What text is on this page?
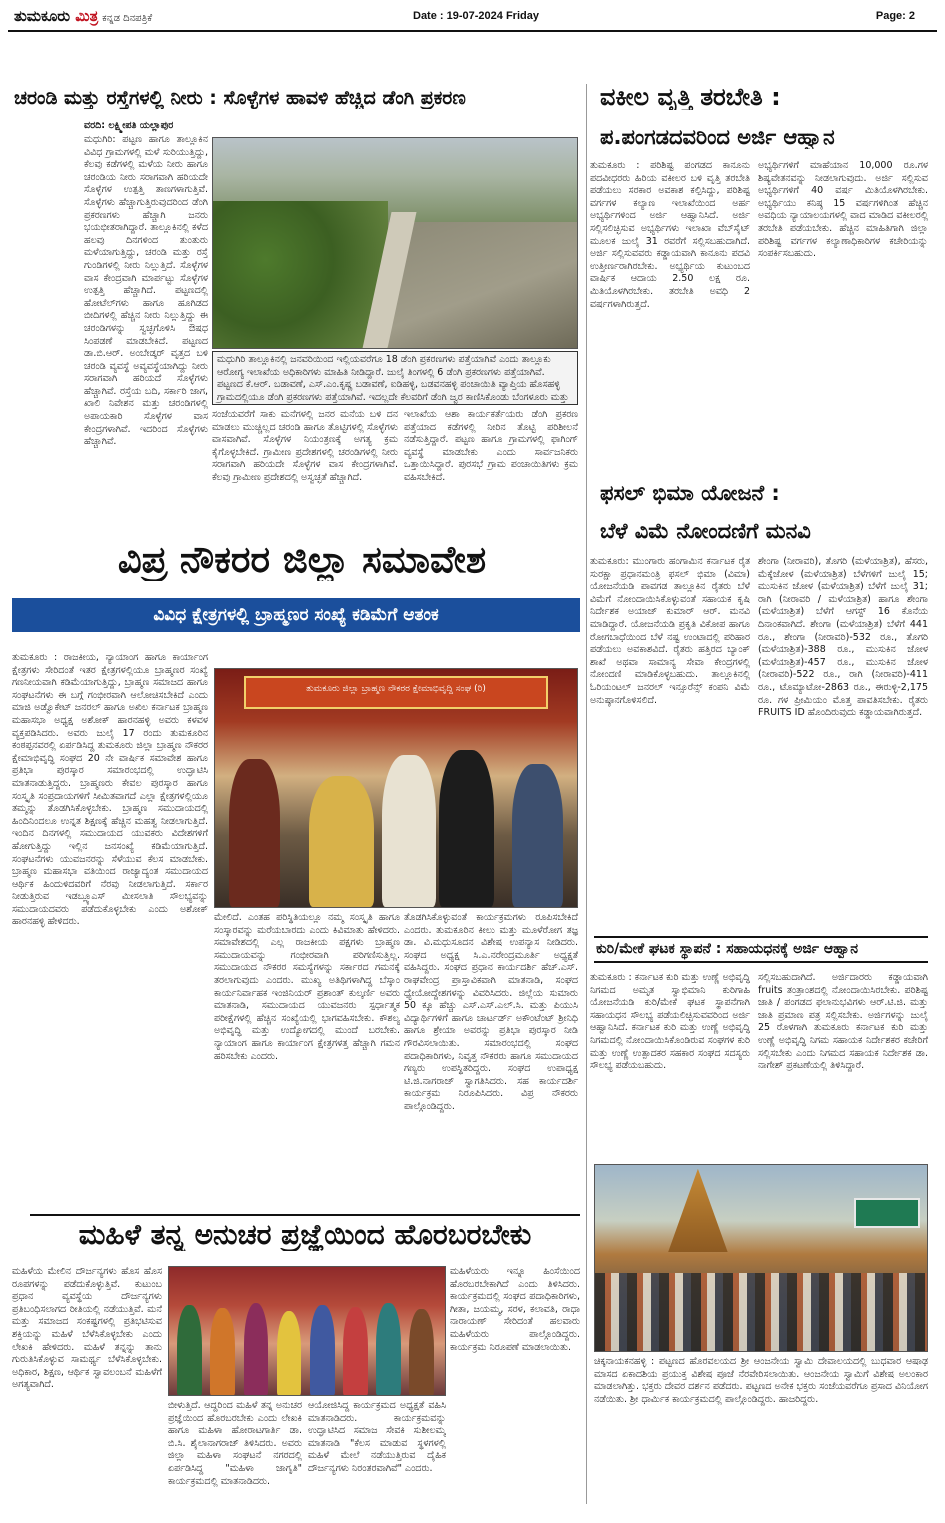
ತುಮಕೂರು ಮಿತ್ರ ಕನ್ನಡ ದಿನಪತ್ರಿಕೆ	Date : 19-07-2024 Friday	Page: 2
ಚರಂಡಿ ಮತ್ತು ರಸ್ತೆಗಳಲ್ಲಿ ನೀರು : ಸೊಳ್ಳೆಗಳ ಹಾವಳಿ ಹೆಚ್ಚಿದ ಡೆಂಗಿ ಪ್ರಕರಣ
ವರದಿ: ಲಕ್ಷ್ಮೀಪತಿ ಯಲ್ಲಾಪುರ
ಮಧುಗಿರಿ: ಪಟ್ಟಣ ಹಾಗೂ ತಾಲ್ಲೂಕಿನ ವಿವಿಧ ಗ್ರಾಮಗಳಲ್ಲಿ ಮಳೆ ಸುರಿಯುತ್ತಿದ್ದು, ಕೆಲವು ಕಡೆಗಳಲ್ಲಿ ಮಳೆಯ ನೀರು ಹಾಗೂ ಚರಂಡಿಯ ನೀರು ಸರಾಗವಾಗಿ ಹರಿಯದೇ ಸೊಳ್ಳೆಗಳ ಉತ್ಪತ್ತಿ ತಾಣಗಳಾಗುತ್ತಿವೆ. ಸೊಳ್ಳೆಗಳು ಹೆಚ್ಚಾಗುತ್ತಿರುವುದರಿಂದ ಡೆಂಗಿ ಪ್ರಕರಣಗಳು ಹೆಚ್ಚಾಗಿ ಜನರು ಭಯಭೀತರಾಗಿದ್ದಾರೆ. ತಾಲ್ಲೂಕಿನಲ್ಲಿ ಕಳೆದ ಹಲವು ದಿನಗಳಿಂದ ತುಂತುರು ಮಳೆಯಾಗುತ್ತಿದ್ದು, ಚರಂಡಿ ಮತ್ತು ರಸ್ತೆ ಗುಂಡಿಗಳಲ್ಲಿ ನೀರು ನಿಲ್ಲುತ್ತಿದೆ. ಸೊಳ್ಳೆಗಳ ವಾಸ ಕೇಂದ್ರವಾಗಿ ಮಾರ್ಪಟ್ಟು ಸೊಳ್ಳೆಗಳ ಉತ್ಪತ್ತಿ ಹೆಚ್ಚಾಗಿದೆ. ಪಟ್ಟಣದಲ್ಲಿ ಹೋಟೆಲ್‌ಗಳು ಹಾಗೂ ಹೂಗಿಡದ ಬೀದಿಗಳಲ್ಲಿ ಹೆಚ್ಚಿನ ನೀರು ನಿಲ್ಲುತ್ತಿದ್ದು ಈ ಚರಂಡಿಗಳನ್ನು ಸ್ವಚ್ಛಗೊಳಿಸಿ ಔಷಧ ಸಿಂಪಡಣೆ ಮಾಡಬೇಕಿದೆ. ಪಟ್ಟಣದ ಡಾ.ಬಿ.ಆರ್. ಅಂಬೇಡ್ಕರ್ ವೃತ್ತದ ಬಳಿ ಚರಂಡಿ ವ್ಯವಸ್ಥೆ ಅವ್ಯವಸ್ಥೆಯಾಗಿದ್ದು ನೀರು ಸರಾಗವಾಗಿ ಹರಿಯದೆ ಸೊಳ್ಳೆಗಳು ಹೆಚ್ಚಾಗಿವೆ. ರಸ್ತೆಯ ಬದಿ, ಸರ್ಕಾರಿ ಜಾಗ, ಖಾಲಿ ನಿವೇಶನ ಮತ್ತು ಚರಂಡಿಗಳಲ್ಲಿ ಅಪಾಯಕಾರಿ ಸೊಳ್ಳೆಗಳ ವಾಸ ಕೇಂದ್ರಗಳಾಗಿವೆ. ಇದರಿಂದ ಸೊಳ್ಳೆಗಳು ಹೆಚ್ಚಾಗಿವೆ.
ಮಧುಗಿರಿ ತಾಲ್ಲೂಕಿನಲ್ಲಿ ಜನವರಿಯಿಂದ ಇಲ್ಲಿಯವರೆಗೂ 18 ಡೆಂಗಿ ಪ್ರಕರಣಗಳು ಪತ್ತೆಯಾಗಿವೆ ಎಂದು ತಾಲ್ಲೂಕು ಆರೋಗ್ಯ ಇಲಾಖೆಯ ಅಧಿಕಾರಿಗಳು ಮಾಹಿತಿ ನೀಡಿದ್ದಾರೆ. ಜುಲೈ ತಿಂಗಳಲ್ಲಿ 6 ಡೆಂಗಿ ಪ್ರಕರಣಗಳು ಪತ್ತೆಯಾಗಿವೆ. ಪಟ್ಟಣದ ಕೆ.ಆರ್. ಬಡಾವಣೆ, ಎಸ್.ಎಂ.ಕೃಷ್ಣ ಬಡಾವಣೆ, ಐಡಿಹಳ್ಳಿ, ಬಡವನಹಳ್ಳಿ ಪಂಚಾಯಿತಿ ವ್ಯಾಪ್ತಿಯ ಹೊಸಹಳ್ಳಿ ಗ್ರಾಮದಲ್ಲಿಯೂ ಡೆಂಗಿ ಪ್ರಕರಣಗಳು ಪತ್ತೆಯಾಗಿವೆ. ಇದಲ್ಲದೇ ಕೆಲವರಿಗೆ ಡೆಂಗಿ ಜ್ವರ ಕಾಣಿಸಿಕೊಂಡು ಬೆಂಗಳೂರು ಮತ್ತು
ಸಂಜೆಯವರೆಗೆ ಸಾಕು ಮನೆಗಳಲ್ಲಿ ಜನರ ಮನೆಯ ಬಳಿ ದನ ಮಾಡಲು ಮುಚ್ಚಿಲ್ಲದ ಚರಂಡಿ ಹಾಗೂ ತೊಟ್ಟಿಗಳಲ್ಲಿ ಸೊಳ್ಳೆಗಳು ವಾಸವಾಗಿವೆ. ಸೊಳ್ಳೆಗಳ ನಿಯಂತ್ರಣಕ್ಕೆ ಅಗತ್ಯ ಕ್ರಮ ಕೈಗೊಳ್ಳಬೇಕಿದೆ. ಗ್ರಾಮೀಣ ಪ್ರದೇಶಗಳಲ್ಲಿ ಚರಂಡಿಗಳಲ್ಲಿ ನೀರು ಸರಾಗವಾಗಿ ಹರಿಯದೇ ಸೊಳ್ಳೆಗಳ ವಾಸ ಕೇಂದ್ರಗಳಾಗಿವೆ. ಕೆಲವು ಗ್ರಾಮೀಣ ಪ್ರದೇಶದಲ್ಲಿ ಅಸ್ವಚ್ಛತೆ ಹೆಚ್ಚಾಗಿದೆ.
ಇಲಾಖೆಯ ಆಶಾ ಕಾರ್ಯಕರ್ತೆಯರು ಡೆಂಗಿ ಪ್ರಕರಣ ಪತ್ತೆಯಾದ ಕಡೆಗಳಲ್ಲಿ ನೀರಿನ ತೊಟ್ಟಿ ಪರಿಶೀಲನೆ ನಡೆಸುತ್ತಿದ್ದಾರೆ. ಪಟ್ಟಣ ಹಾಗೂ ಗ್ರಾಮಗಳಲ್ಲಿ ಫಾಗಿಂಗ್ ವ್ಯವಸ್ಥೆ ಮಾಡಬೇಕು ಎಂದು ಸಾರ್ವಜನಿಕರು ಒತ್ತಾಯಿಸಿದ್ದಾರೆ. ಪುರಸಭೆ ಗ್ರಾಮ ಪಂಚಾಯಿತಿಗಳು ಕ್ರಮ ವಹಿಸಬೇಕಿದೆ.
ವಕೀಲ ವೃತ್ತಿ ತರಬೇತಿ :
ಪ.ಪಂಗಡದವರಿಂದ ಅರ್ಜಿ ಆಹ್ವಾನ
ತುಮಕೂರು : ಪರಿಶಿಷ್ಟ ಪಂಗಡದ ಕಾನೂನು ಪದವೀಧರರು ಹಿರಿಯ ವಕೀಲರ ಬಳಿ ವೃತ್ತಿ ತರಬೇತಿ ಪಡೆಯಲು ಸರಕಾರ ಅವಕಾಶ ಕಲ್ಪಿಸಿದ್ದು, ಪರಿಶಿಷ್ಟ ವರ್ಗಗಳ ಕಲ್ಯಾಣ ಇಲಾಖೆಯಿಂದ ಅರ್ಹ ಅಭ್ಯರ್ಥಿಗಳಿಂದ ಅರ್ಜಿ ಆಹ್ವಾನಿಸಿದೆ. ಅರ್ಜಿ ಸಲ್ಲಿಸಲಿಚ್ಛಿಸುವ ಅಭ್ಯರ್ಥಿಗಳು ಇಲಾಖಾ ವೆಬ್‌ಸೈಟ್ ಮೂಲಕ ಜುಲೈ 31 ರವರೆಗೆ ಸಲ್ಲಿಸಬಹುದಾಗಿದೆ. ಅರ್ಜಿ ಸಲ್ಲಿಸುವವರು ಕಡ್ಡಾಯವಾಗಿ ಕಾನೂನು ಪದವಿ ಉತ್ತೀರ್ಣರಾಗಿರಬೇಕು. ಅಭ್ಯರ್ಥಿಯ ಕುಟುಂಬದ ವಾರ್ಷಿಕ ಆದಾಯ 2.50 ಲಕ್ಷ ರೂ. ಮಿತಿಯೊಳಗಿರಬೇಕು. ತರಬೇತಿ ಅವಧಿ 2 ವರ್ಷಗಳಾಗಿರುತ್ತದೆ.
ಅಭ್ಯರ್ಥಿಗಳಿಗೆ ಮಾಹೆಯಾನ 10,000 ರೂ.ಗಳ ಶಿಷ್ಯವೇತನವನ್ನು ನೀಡಲಾಗುವುದು. ಅರ್ಜಿ ಸಲ್ಲಿಸುವ ಅಭ್ಯರ್ಥಿಗಳಿಗೆ 40 ವರ್ಷ ಮಿತಿಯೊಳಗಿರಬೇಕು. ಅಭ್ಯರ್ಥಿಯು ಕನಿಷ್ಠ 15 ವರ್ಷಗಳಿಗಿಂತ ಹೆಚ್ಚಿನ ಅವಧಿಯ ನ್ಯಾಯಾಲಯಗಳಲ್ಲಿ ವಾದ ಮಾಡಿದ ವಕೀಲರಲ್ಲಿ ತರಬೇತಿ ಪಡೆಯಬೇಕು. ಹೆಚ್ಚಿನ ಮಾಹಿತಿಗಾಗಿ ಜಿಲ್ಲಾ ಪರಿಶಿಷ್ಟ ವರ್ಗಗಳ ಕಲ್ಯಾಣಾಧಿಕಾರಿಗಳ ಕಚೇರಿಯನ್ನು ಸಂಪರ್ಕಿಸಬಹುದು.
ಫಸಲ್ ಭಿಮಾ ಯೋಜನೆ :
ಬೆಳೆ ವಿಮೆ ನೋಂದಣಿಗೆ ಮನವಿ
ತುಮಕೂರು: ಮುಂಗಾರು ಹಂಗಾಮಿನ ಕರ್ನಾಟಕ ರೈತ ಸುರಕ್ಷಾ ಪ್ರಧಾನಮಂತ್ರಿ ಫಸಲ್ ಭಿಮಾ (ವಿಮಾ) ಯೋಜನೆಯಡಿ ಪಾವಗಡ ತಾಲ್ಲೂಕಿನ ರೈತರು ಬೆಳೆ ವಿಮೆಗೆ ನೋಂದಾಯಿಸಿಕೊಳ್ಳುವಂತೆ ಸಹಾಯಕ ಕೃಷಿ ನಿರ್ದೇಶಕ ಅಯಾಜ್ ಕುಮಾರ್ ಆರ್. ಮನವಿ ಮಾಡಿದ್ದಾರೆ. ಯೋಜನೆಯಡಿ ಪ್ರಕೃತಿ ವಿಕೋಪ ಹಾಗೂ ರೋಗಬಾಧೆಯಿಂದ ಬೆಳೆ ನಷ್ಟ ಉಂಟಾದಲ್ಲಿ ಪರಿಹಾರ ಪಡೆಯಲು ಅವಕಾಶವಿದೆ. ರೈತರು ಹತ್ತಿರದ ಬ್ಯಾಂಕ್ ಶಾಖೆ ಅಥವಾ ಸಾಮಾನ್ಯ ಸೇವಾ ಕೇಂದ್ರಗಳಲ್ಲಿ ನೋಂದಣಿ ಮಾಡಿಕೊಳ್ಳಬಹುದು. ತಾಲ್ಲೂಕಿನಲ್ಲಿ ಓರಿಯಂಟಲ್ ಜನರಲ್ ಇನ್ಸೂರೆನ್ಸ್ ಕಂಪನಿ ವಿಮೆ ಅನುಷ್ಠಾನಗೊಳಿಸಲಿದೆ.
ಶೇಂಗಾ (ನೀರಾವರಿ), ತೊಗರಿ (ಮಳೆಯಾಶ್ರಿತ), ಹೆಸರು, ಮೆಕ್ಕೆಜೋಳ (ಮಳೆಯಾಶ್ರಿತ) ಬೆಳೆಗಳಿಗೆ ಜುಲೈ 15; ಮುಸುಕಿನ ಜೋಳ (ಮಳೆಯಾಶ್ರಿತ) ಬೆಳೆಗೆ ಜುಲೈ 31; ರಾಗಿ (ನೀರಾವರಿ / ಮಳೆಯಾಶ್ರಿತ) ಹಾಗೂ ಶೇಂಗಾ (ಮಳೆಯಾಶ್ರಿತ) ಬೆಳೆಗೆ ಆಗಸ್ಟ್ 16 ಕೊನೆಯ ದಿನಾಂಕವಾಗಿದೆ. ಶೇಂಗಾ (ಮಳೆಯಾಶ್ರಿತ) ಬೆಳೆಗೆ 441 ರೂ., ಶೇಂಗಾ (ನೀರಾವರಿ)-532 ರೂ., ತೊಗರಿ (ಮಳೆಯಾಶ್ರಿತ)-388 ರೂ., ಮುಸುಕಿನ ಜೋಳ (ಮಳೆಯಾಶ್ರಿತ)-457 ರೂ., ಮುಸುಕಿನ ಜೋಳ (ನೀರಾವರಿ)-522 ರೂ., ರಾಗಿ (ನೀರಾವರಿ)-411 ರೂ., ಟೊಮ್ಯಾಟೋ-2863 ರೂ., ಈರುಳ್ಳಿ-2,175 ರೂ. ಗಳ ಪ್ರೀಮಿಯಂ ಮೊತ್ತ ಪಾವತಿಸಬೇಕು. ರೈತರು FRUITS ID ಹೊಂದಿರುವುದು ಕಡ್ಡಾಯವಾಗಿರುತ್ತದೆ.
ಕುರಿ/ಮೇಕೆ ಘಟಕ ಸ್ಥಾಪನೆ : ಸಹಾಯಧನಕ್ಕೆ ಅರ್ಜಿ ಆಹ್ವಾನ
ತುಮಕೂರು : ಕರ್ನಾಟಕ ಕುರಿ ಮತ್ತು ಉಣ್ಣೆ ಅಭಿವೃದ್ಧಿ ನಿಗಮದ ಅಮೃತ ಸ್ವಾಭಿಮಾನಿ ಕುರಿಗಾಹಿ ಯೋಜನೆಯಡಿ ಕುರಿ/ಮೇಕೆ ಘಟಕ ಸ್ಥಾಪನೆಗಾಗಿ ಸಹಾಯಧನ ಸೌಲಭ್ಯ ಪಡೆಯಲಿಚ್ಛಿಸುವವರಿಂದ ಅರ್ಜಿ ಆಹ್ವಾನಿಸಿದೆ. ಕರ್ನಾಟಕ ಕುರಿ ಮತ್ತು ಉಣ್ಣೆ ಅಭಿವೃದ್ಧಿ ನಿಗಮದಲ್ಲಿ ನೋಂದಾಯಿಸಿಕೊಂಡಿರುವ ಸಂಘಗಳ ಕುರಿ ಮತ್ತು ಉಣ್ಣೆ ಉತ್ಪಾದಕರ ಸಹಕಾರ ಸಂಘದ ಸದಸ್ಯರು ಸೌಲಭ್ಯ ಪಡೆಯಬಹುದು.
ಸಲ್ಲಿಸಬಹುದಾಗಿದೆ. ಅರ್ಜಿದಾರರು ಕಡ್ಡಾಯವಾಗಿ fruits ತಂತ್ರಾಂಶದಲ್ಲಿ ನೋಂದಾಯಿಸಿರಬೇಕು. ಪರಿಶಿಷ್ಟ ಜಾತಿ / ಪಂಗಡದ ಫಲಾನುಭವಿಗಳು ಆರ್.ಟಿ.ಜಿ. ಮತ್ತು ಜಾತಿ ಪ್ರಮಾಣ ಪತ್ರ ಸಲ್ಲಿಸಬೇಕು. ಅರ್ಜಿಗಳನ್ನು ಜುಲೈ 25 ರೊಳಗಾಗಿ ತುಮಕೂರು ಕರ್ನಾಟಕ ಕುರಿ ಮತ್ತು ಉಣ್ಣೆ ಅಭಿವೃದ್ಧಿ ನಿಗಮ ಸಹಾಯಕ ನಿರ್ದೇಶಕರ ಕಚೇರಿಗೆ ಸಲ್ಲಿಸಬೇಕು ಎಂದು ನಿಗಮದ ಸಹಾಯಕ ನಿರ್ದೇಶಕ ಡಾ. ನಾಗೇಶ್ ಪ್ರಕಟಣೆಯಲ್ಲಿ ತಿಳಿಸಿದ್ದಾರೆ.
ಚಿಕ್ಕನಾಯಕನಹಳ್ಳಿ : ಪಟ್ಟಣದ ಹೊರವಲಯದ ಶ್ರೀ ಆಂಜನೇಯ ಸ್ವಾಮಿ ದೇವಾಲಯದಲ್ಲಿ ಬುಧವಾರ ಆಷಾಢ ಮಾಸದ ಏಕಾದಶಿಯ ಪ್ರಯುಕ್ತ ವಿಶೇಷ ಪೂಜೆ ನೆರವೇರಿಸಲಾಯಿತು. ಆಂಜನೇಯ ಸ್ವಾಮಿಗೆ ವಿಶೇಷ ಅಲಂಕಾರ ಮಾಡಲಾಗಿತ್ತು. ಭಕ್ತರು ದೇವರ ದರ್ಶನ ಪಡೆದರು. ಪಟ್ಟಣದ ಅನೇಕ ಭಕ್ತರು ಸಂಜೆಯವರೆಗೂ ಪ್ರಸಾದ ವಿನಿಯೋಗ ನಡೆಯಿತು. ಶ್ರೀ ಧಾರ್ಮಿಕ ಕಾರ್ಯಕ್ರಮದಲ್ಲಿ ಪಾಲ್ಗೊಂಡಿದ್ದರು. ಹಾಜರಿದ್ದರು.
ವಿಪ್ರ ನೌಕರರ ಜಿಲ್ಲಾ ಸಮಾವೇಶ
ವಿವಿಧ ಕ್ಷೇತ್ರಗಳಲ್ಲಿ ಬ್ರಾಹ್ಮಣರ ಸಂಖ್ಯೆ ಕಡಿಮೆಗೆ ಆತಂಕ
ತುಮಕೂರು : ರಾಜಕೀಯ, ನ್ಯಾಯಾಂಗ ಹಾಗೂ ಕಾರ್ಯಾಂಗ ಕ್ಷೇತ್ರಗಳು ಸೇರಿದಂತೆ ಇತರ ಕ್ಷೇತ್ರಗಳಲ್ಲಿಯೂ ಬ್ರಾಹ್ಮಣರ ಸಂಖ್ಯೆ ಗಣನೀಯವಾಗಿ ಕಡಿಮೆಯಾಗುತ್ತಿದ್ದು, ಬ್ರಾಹ್ಮಣ ಸಮಾಜದ ಹಾಗೂ ಸಂಘಟನೆಗಳು ಈ ಬಗ್ಗೆ ಗಂಭೀರವಾಗಿ ಆಲೋಚಿಸಬೇಕಿದೆ ಎಂದು ಮಾಜಿ ಅಡ್ವೊಕೇಟ್ ಜನರಲ್ ಹಾಗೂ ಅಖಿಲ ಕರ್ನಾಟಕ ಬ್ರಾಹ್ಮಣ ಮಹಾಸಭಾ ಅಧ್ಯಕ್ಷ ಅಶೋಕ್ ಹಾರನಹಳ್ಳಿ ಅವರು ಕಳವಳ ವ್ಯಕ್ತಪಡಿಸಿದರು. ಅವರು ಜುಲೈ 17 ರಂದು ತುಮಕೂರಿನ ಕಂಠಪ್ಪನವರಲ್ಲಿ ಏರ್ಪಡಿಸಿದ್ದ ತುಮಕೂರು ಜಿಲ್ಲಾ ಬ್ರಾಹ್ಮಣ ನೌಕರರ ಕ್ಷೇಮಾಭಿವೃದ್ಧಿ ಸಂಘದ 20 ನೇ ವಾರ್ಷಿಕ ಸಮಾವೇಶ ಹಾಗೂ ಪ್ರತಿಭಾ ಪುರಸ್ಕಾರ ಸಮಾರಂಭದಲ್ಲಿ ಉದ್ಘಾಟಿಸಿ ಮಾತನಾಡುತ್ತಿದ್ದರು. ಬ್ರಾಹ್ಮಣರು ಕೇವಲ ಪುರಸ್ಕಾರ ಹಾಗೂ ಸಂಸ್ಕೃತಿ ಸಂಪ್ರದಾಯಗಳಿಗೆ ಸೀಮಿತವಾಗದೆ ಎಲ್ಲಾ ಕ್ಷೇತ್ರಗಳಲ್ಲಿಯೂ ತಮ್ಮನ್ನು ತೊಡಗಿಸಿಕೊಳ್ಳಬೇಕು. ಬ್ರಾಹ್ಮಣ ಸಮುದಾಯದಲ್ಲಿ ಹಿಂದಿನಿಂದಲೂ ಉನ್ನತ ಶಿಕ್ಷಣಕ್ಕೆ ಹೆಚ್ಚಿನ ಮಹತ್ವ ನೀಡಲಾಗುತ್ತಿದೆ. ಇಂದಿನ ದಿನಗಳಲ್ಲಿ ಸಮುದಾಯದ ಯುವಕರು ವಿದೇಶಗಳಿಗೆ ಹೋಗುತ್ತಿದ್ದು ಇಲ್ಲಿನ ಜನಸಂಖ್ಯೆ ಕಡಿಮೆಯಾಗುತ್ತಿದೆ. ಸಂಘಟನೆಗಳು ಯುವಜನರನ್ನು ಸೆಳೆಯುವ ಕೆಲಸ ಮಾಡಬೇಕು. ಬ್ರಾಹ್ಮಣ ಮಹಾಸಭಾ ವತಿಯಿಂದ ರಾಜ್ಯಾದ್ಯಂತ ಸಮುದಾಯದ ಆರ್ಥಿಕ ಹಿಂದುಳಿದವರಿಗೆ ನೆರವು ನೀಡಲಾಗುತ್ತಿದೆ. ಸರ್ಕಾರ ನೀಡುತ್ತಿರುವ ಇಡಬ್ಲ್ಯೂಎಸ್ ಮೀಸಲಾತಿ ಸೌಲಭ್ಯವನ್ನು ಸಮುದಾಯದವರು ಪಡೆದುಕೊಳ್ಳಬೇಕು ಎಂದು ಅಶೋಕ್ ಹಾರನಹಳ್ಳಿ ಹೇಳಿದರು.
ತುಮಕೂರು ಜಿಲ್ಲಾ ಬ್ರಾಹ್ಮಣ ನೌಕರರ ಕ್ಷೇಮಾಭಿವೃದ್ಧಿ ಸಂಘ (ರಿ)
ಮೇಲಿದೆ. ಎಂತಹ ಪರಿಸ್ಥಿತಿಯಲ್ಲೂ ನಮ್ಮ ಸಂಸ್ಕೃತಿ ಹಾಗೂ ಸಂಸ್ಕಾರವನ್ನು ಮರೆಯಬಾರದು ಎಂದು ಕಿವಿಮಾತು ಹೇಳಿದರು. ಸಮಾವೇಶದಲ್ಲಿ ಎಲ್ಲ ರಾಜಕೀಯ ಪಕ್ಷಗಳು ಬ್ರಾಹ್ಮಣ ಸಮುದಾಯವನ್ನು ಗಂಭೀರವಾಗಿ ಪರಿಗಣಿಸುತ್ತಿಲ್ಲ. ಸಮುದಾಯದ ನೌಕರರ ಸಮಸ್ಯೆಗಳನ್ನು ಸರ್ಕಾರದ ಗಮನಕ್ಕೆ ತರಲಾಗುವುದು ಎಂದರು. ಮುಖ್ಯ ಅತಿಥಿಗಳಾಗಿದ್ದ ಬೆಸ್ಕಾಂ ಕಾರ್ಯನಿರ್ವಾಹಕ ಇಂಜಿನಿಯರ್ ಪ್ರಶಾಂತ್ ಕುಲ್ಕರ್ಣಿ ಅವರು ಮಾತನಾಡಿ, ಸಮುದಾಯದ ಯುವಜನರು ಸ್ಪರ್ಧಾತ್ಮಕ ಪರೀಕ್ಷೆಗಳಲ್ಲಿ ಹೆಚ್ಚಿನ ಸಂಖ್ಯೆಯಲ್ಲಿ ಭಾಗವಹಿಸಬೇಕು. ಕೌಶಲ್ಯ ಅಭಿವೃದ್ಧಿ ಮತ್ತು ಉದ್ಯೋಗದಲ್ಲಿ ಮುಂದೆ ಬರಬೇಕು. ನ್ಯಾಯಾಂಗ ಹಾಗೂ ಕಾರ್ಯಾಂಗ ಕ್ಷೇತ್ರಗಳತ್ತ ಹೆಚ್ಚಾಗಿ ಗಮನ ಹರಿಸಬೇಕು ಎಂದರು.
ತೊಡಗಿಸಿಕೊಳ್ಳುವಂತೆ ಕಾರ್ಯಕ್ರಮಗಳು ರೂಪಿಸಬೇಕಿದೆ ಎಂದರು. ತುಮಕೂರಿನ ಕೀಲು ಮತ್ತು ಮೂಳೆರೋಗ ತಜ್ಞ ಡಾ. ವಿ.ಮಧುಸೂದನ ವಿಶೇಷ ಉಪನ್ಯಾಸ ನೀಡಿದರು. ಸಂಘದ ಅಧ್ಯಕ್ಷ ಸಿ.ಎ.ನರೇಂದ್ರಮೂರ್ತಿ ಅಧ್ಯಕ್ಷತೆ ವಹಿಸಿದ್ದರು. ಸಂಘದ ಪ್ರಧಾನ ಕಾರ್ಯದರ್ಶಿ ಹೆಚ್.ಎಸ್. ರಾಘವೇಂದ್ರ ಪ್ರಾಸ್ತಾವಿಕವಾಗಿ ಮಾತನಾಡಿ, ಸಂಘದ ಧ್ಯೇಯೋದ್ದೇಶಗಳನ್ನು ವಿವರಿಸಿದರು. ಜಿಲ್ಲೆಯ ಸುಮಾರು 50 ಕ್ಕೂ ಹೆಚ್ಚು ಎಸ್.ಎಸ್.ಎಲ್.ಸಿ. ಮತ್ತು ಪಿಯುಸಿ ವಿದ್ಯಾರ್ಥಿಗಳಿಗೆ ಹಾಗೂ ಚಾರ್ಟರ್ಡ್ ಅಕೌಂಟೆಂಟ್ ಶ್ರೀನಿಧಿ ಹಾಗೂ ಶ್ರೇಯಾ ಅವರನ್ನು ಪ್ರತಿಭಾ ಪುರಸ್ಕಾರ ನೀಡಿ ಗೌರವಿಸಲಾಯಿತು. ಸಮಾರಂಭದಲ್ಲಿ ಸಂಘದ ಪದಾಧಿಕಾರಿಗಳು, ನಿವೃತ್ತ ನೌಕರರು ಹಾಗೂ ಸಮುದಾಯದ ಗಣ್ಯರು ಉಪಸ್ಥಿತರಿದ್ದರು. ಸಂಘದ ಉಪಾಧ್ಯಕ್ಷ ಟಿ.ಜಿ.ನಾಗರಾಜ್ ಸ್ವಾಗತಿಸಿದರು. ಸಹ ಕಾರ್ಯದರ್ಶಿ ಕಾರ್ಯಕ್ರಮ ನಿರೂಪಿಸಿದರು. ವಿಪ್ರ ನೌಕರರು ಪಾಲ್ಗೊಂಡಿದ್ದರು.
ಮಹಿಳೆ ತನ್ನ ಅನುಚರ ಪ್ರಜ್ಞೆಯಿಂದ ಹೊರಬರಬೇಕು
ಮಹಿಳೆಯ ಮೇಲಿನ ದೌರ್ಜನ್ಯಗಳು ಹೊಸ ಹೊಸ ರೂಪಗಳನ್ನು ಪಡೆದುಕೊಳ್ಳುತ್ತಿವೆ. ಕುಟುಂಬ ಪ್ರಧಾನ ವ್ಯವಸ್ಥೆಯ ದೌರ್ಜನ್ಯಗಳು ಪ್ರತಿಬಂಧಿಸಲಾಗದ ರೀತಿಯಲ್ಲಿ ನಡೆಯುತ್ತಿವೆ. ಮನೆ ಮತ್ತು ಸಮಾಜದ ಸಂಕಷ್ಟಗಳಲ್ಲಿ ಪ್ರತಿಭಟಿಸುವ ಶಕ್ತಿಯನ್ನು ಮಹಿಳೆ ಬೆಳೆಸಿಕೊಳ್ಳಬೇಕು ಎಂದು ಲೇಖಕಿ ಹೇಳಿದರು. ಮಹಿಳೆ ತನ್ನನ್ನು ತಾನು ಗುರುತಿಸಿಕೊಳ್ಳುವ ಸಾಮರ್ಥ್ಯ ಬೆಳೆಸಿಕೊಳ್ಳಬೇಕು. ಅಧಿಕಾರ, ಶಿಕ್ಷಣ, ಆರ್ಥಿಕ ಸ್ವಾವಲಂಬನೆ ಮಹಿಳೆಗೆ ಅಗತ್ಯವಾಗಿದೆ.
ಬೀಳುತ್ತಿದೆ. ಆದ್ದರಿಂದ ಮಹಿಳೆ ತನ್ನ ಅನುಚರ ಪ್ರಜ್ಞೆಯಿಂದ ಹೊರಬರಬೇಕು ಎಂದು ಲೇಖಕಿ ಹಾಗೂ ಮಹಿಳಾ ಹೋರಾಟಗಾರ್ತಿ ಡಾ. ಬಿ.ಸಿ. ಶೈಲಾನಾಗರಾಜ್ ತಿಳಿಸಿದರು. ಅವರು ಜಿಲ್ಲಾ ಮಹಿಳಾ ಸಂಘಟನೆ ನಗರದಲ್ಲಿ ಏರ್ಪಡಿಸಿದ್ದ "ಮಹಿಳಾ ಜಾಗೃತಿ" ಕಾರ್ಯಕ್ರಮದಲ್ಲಿ ಮಾತನಾಡಿದರು.
ಆಯೋಜಿಸಿದ್ದ ಕಾರ್ಯಕ್ರಮದ ಅಧ್ಯಕ್ಷತೆ ವಹಿಸಿ ಮಾತನಾಡಿದರು. ಕಾರ್ಯಕ್ರಮವನ್ನು ಉದ್ಘಾಟಿಸಿದ ಸಮಾಜ ಸೇವಕಿ ಸುಶೀಲಮ್ಮ ಮಾತನಾಡಿ "ಕೆಲಸ ಮಾಡುವ ಸ್ಥಳಗಳಲ್ಲಿ ಮಹಿಳೆ ಮೇಲೆ ನಡೆಯುತ್ತಿರುವ ದೈಹಿಕ ದೌರ್ಜನ್ಯಗಳು ನಿರಂತರವಾಗಿವೆ" ಎಂದರು.
ಮಹಿಳೆಯರು ಇನ್ನೂ ಹಿಂಸೆಯಿಂದ ಹೊರಬರಬೇಕಾಗಿದೆ ಎಂದು ತಿಳಿಸಿದರು. ಕಾರ್ಯಕ್ರಮದಲ್ಲಿ ಸಂಘದ ಪದಾಧಿಕಾರಿಗಳು, ಗೀತಾ, ಜಯಮ್ಮ, ಸರಳ, ಕಲಾವತಿ, ರಾಧಾ ನಾರಾಯಣ್ ಸೇರಿದಂತೆ ಹಲವಾರು ಮಹಿಳೆಯರು ಪಾಲ್ಗೊಂಡಿದ್ದರು. ಕಾರ್ಯಕ್ರಮ ನಿರೂಪಣೆ ಮಾಡಲಾಯಿತು.
